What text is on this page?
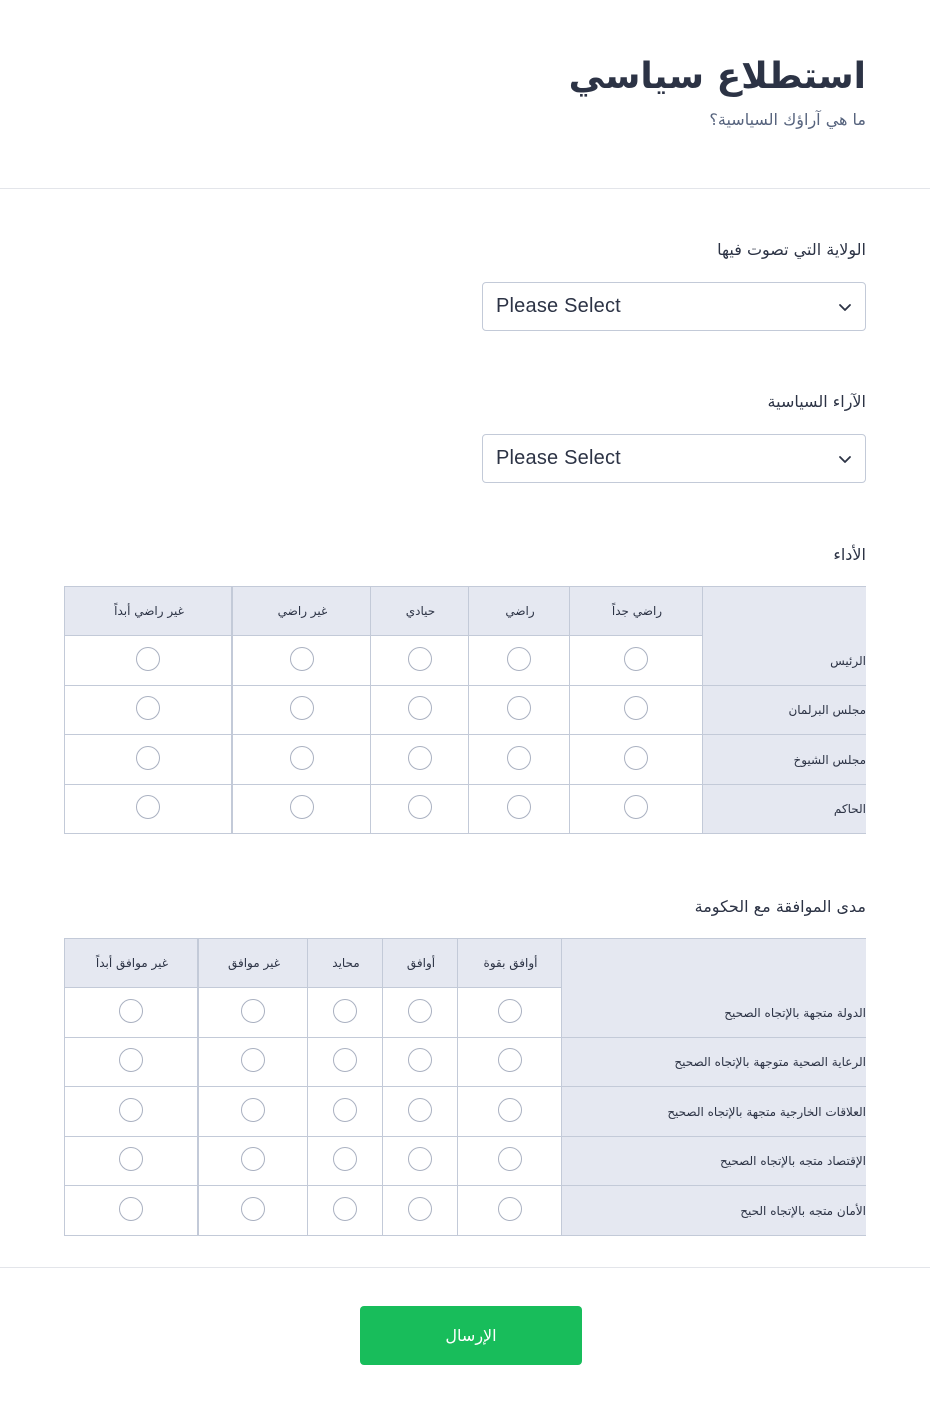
استطلاع سياسي
ما هي آراؤك السياسية؟
الولاية التي تصوت فيها
Please Select
الآراء السياسية
Please Select
الأداء
غير راضي أبداً	غير راضي	حيادي	راضي	راضي جداً	
					الرئيس
					مجلس البرلمان
					مجلس الشيوخ
					الحاكم
مدى الموافقة مع الحكومة
غير موافق أبداً	غير موافق	محايد	أوافق	أوافق بقوة	
					الدولة متجهة بالإتجاه الصحيح
					الرعاية الصحية متوجهة بالإتجاه الصحيح
					العلاقات الخارجية متجهة بالإتجاه الصحيح
					الإقتصاد متجه بالإتجاه الصحيح
					الأمان متجه بالإتجاه الحيح
الإرسال
